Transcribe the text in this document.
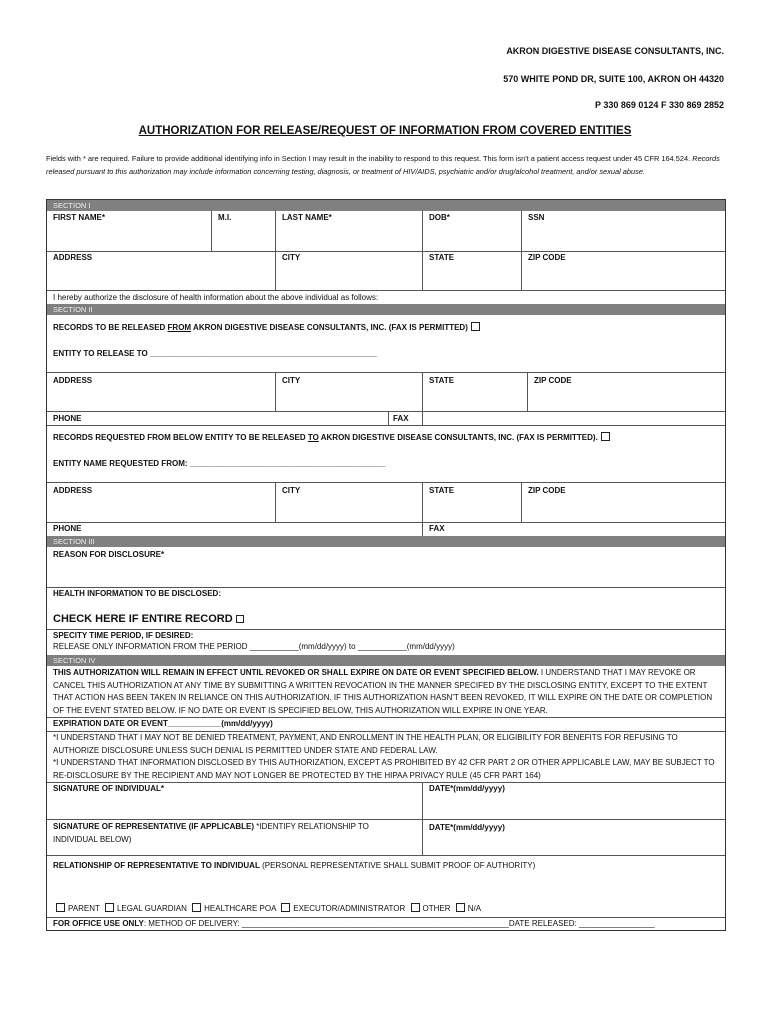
AKRON DIGESTIVE DISEASE CONSULTANTS, INC.
570 WHITE POND DR, SUITE 100, AKRON OH 44320
P 330 869 0124 F 330 869 2852
AUTHORIZATION FOR RELEASE/REQUEST OF INFORMATION FROM COVERED ENTITIES
Fields with * are required. Failure to provide additional identifying info in Section I may result in the inability to respond to this request. This form isn't a patient access request under 45 CFR 164.524. Records released pursuant to this authorization may include information concerning testing, diagnosis, or treatment of HIV/AIDS, psychiatric and/or drug/alcohol treatment, and/or sexual abuse.
SECTION I
FIRST NAME*	M.I.	LAST NAME*	DOB*	SSN
ADDRESS	CITY	STATE	ZIP CODE
I hereby authorize the disclosure of health information about the above individual as follows:
SECTION II
RECORDS TO BE RELEASED FROM AKRON DIGESTIVE DISEASE CONSULTANTS, INC. (FAX IS PERMITTED)
ENTITY TO RELEASE TO ___________________________________________________
ADDRESS	CITY	STATE	ZIP CODE
PHONE	FAX
RECORDS REQUESTED FROM BELOW ENTITY TO BE RELEASED TO AKRON DIGESTIVE DISEASE CONSULTANTS, INC. (FAX IS PERMITTED).
ENTITY NAME REQUESTED FROM: ____________________________________________
ADDRESS	CITY	STATE	ZIP CODE
PHONE	FAX
SECTION III
REASON FOR DISCLOSURE*
HEALTH INFORMATION TO BE DISCLOSED:
CHECK HERE IF ENTIRE RECORD
SPECITY TIME PERIOD, IF DESIRED:
RELEASE ONLY INFORMATION FROM THE PERIOD ___________(mm/dd/yyyy) to ___________(mm/dd/yyyy)
SECTION IV
THIS AUTHORIZATION WILL REMAIN IN EFFECT UNTIL REVOKED OR SHALL EXPIRE ON DATE OR EVENT SPECIFIED BELOW. I UNDERSTAND THAT I MAY REVOKE OR CANCEL THIS AUTHORIZATION AT ANY TIME BY SUBMITTING A WRITTEN REVOCATION IN THE MANNER SPECIFED BY THE DISCLOSING ENTITY, EXCEPT TO THE EXTENT THAT ACTION HAS BEEN TAKEN IN RELIANCE ON THIS AUTHORIZATION. IF THIS AUTHORIZATION HASN'T BEEN REVOKED, IT WILL EXPIRE ON THE DATE OR COMPLETION OF THE EVENT STATED BELOW. IF NO DATE OR EVENT IS SPECIFIED BELOW, THIS AUTHORIZATION WILL EXPIRE IN ONE YEAR.
EXPIRATION DATE OR EVENT____________(mm/dd/yyyy)
*I UNDERSTAND THAT I MAY NOT BE DENIED TREATMENT, PAYMENT, AND ENROLLMENT IN THE HEALTH PLAN, OR ELIGIBILITY FOR BENEFITS FOR REFUSING TO AUTHORIZE DISCLOSURE UNLESS SUCH DENIAL IS PERMITTED UNDER STATE AND FEDERAL LAW.
*I UNDERSTAND THAT INFORMATION DISCLOSED BY THIS AUTHORIZATION, EXCEPT AS PROHIBITED BY 42 CFR PART 2 OR OTHER APPLICABLE LAW, MAY BE SUBJECT TO RE-DISCLOSURE BY THE RECIPIENT AND MAY NOT LONGER BE PROTECTED BY THE HIPAA PRIVACY RULE (45 CFR PART 164)
SIGNATURE OF INDIVIDUAL*	DATE*(mm/dd/yyyy)
SIGNATURE OF REPRESENTATIVE (IF APPLICABLE) *IDENTIFY RELATIONSHIP TO INDIVIDUAL BELOW)
DATE*(mm/dd/yyyy)
RELATIONSHIP OF REPRESENTATIVE TO INDIVIDUAL (PERSONAL REPRESENTATIVE SHALL SUBMIT PROOF OF AUTHORITY)
PARENT LEGAL GUARDIAN HEALTHCARE POA EXECUTOR/ADMINISTRATOR OTHER N/A
FOR OFFICE USE ONLY: METHOD OF DELIVERY: ____________________________________________________________DATE RELEASED: _________________
